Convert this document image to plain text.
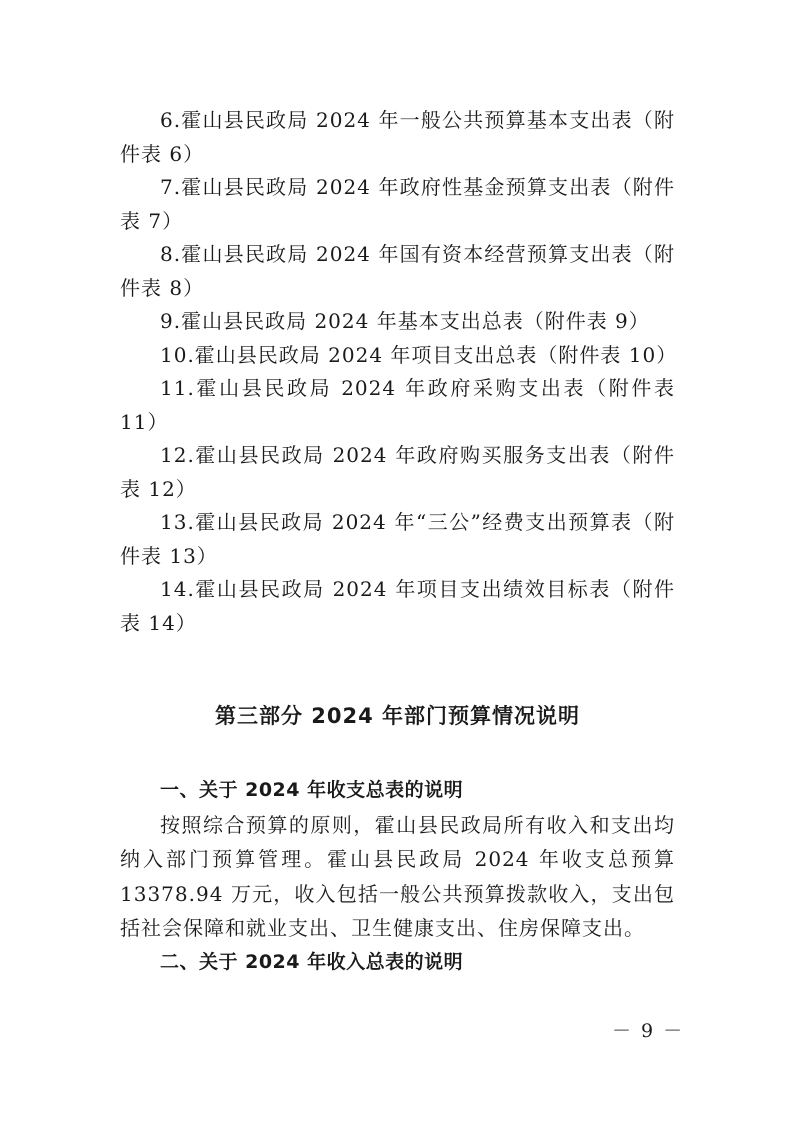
6.霍山县民政局 2024 年一般公共预算基本支出表（附件表 6）
7.霍山县民政局 2024 年政府性基金预算支出表（附件表 7）
8.霍山县民政局 2024 年国有资本经营预算支出表（附件表 8）
9.霍山县民政局 2024 年基本支出总表（附件表 9）
10.霍山县民政局 2024 年项目支出总表（附件表 10）
11.霍山县民政局 2024 年政府采购支出表（附件表 11）
12.霍山县民政局 2024 年政府购买服务支出表（附件表 12）
13.霍山县民政局 2024 年“三公”经费支出预算表（附件表 13）
14.霍山县民政局 2024 年项目支出绩效目标表（附件表 14）
第三部分 2024 年部门预算情况说明
一、关于 2024 年收支总表的说明

按照综合预算的原则，霍山县民政局所有收入和支出均纳入部门预算管理。霍山县民政局 2024 年收支总预算 13378.94 万元，收入包括一般公共预算拨款收入，支出包括社会保障和就业支出、卫生健康支出、住房保障支出。

二、关于 2024 年收入总表的说明
－ 9 －
